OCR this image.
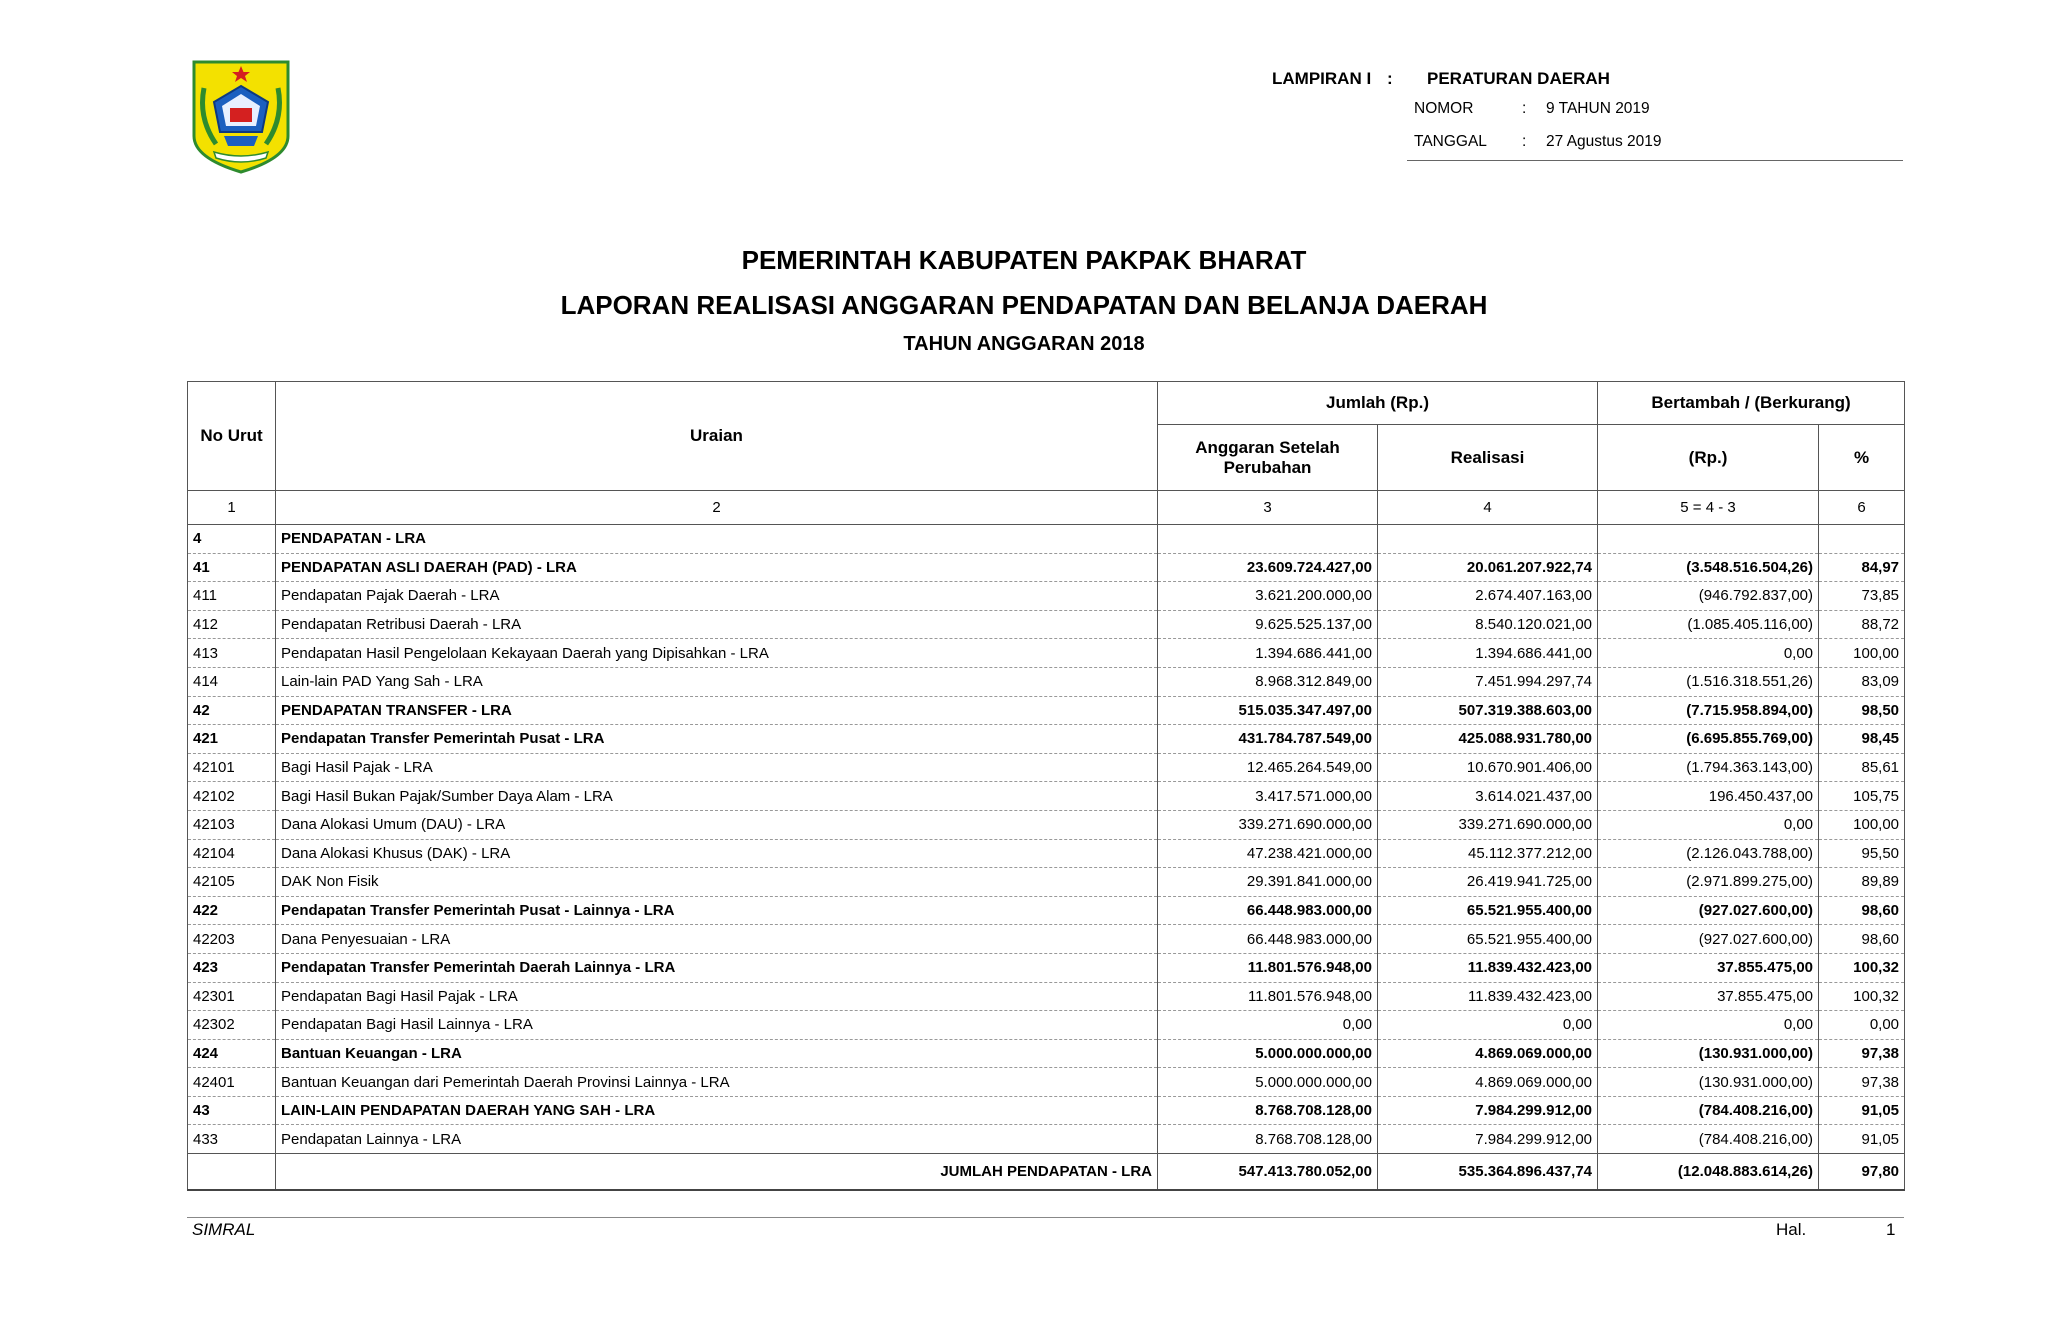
LAMPIRAN I :	PERATURAN DAERAH
NOMOR	:	9 TAHUN 2019
TANGGAL	:	27 Agustus 2019
PEMERINTAH KABUPATEN PAKPAK BHARAT
LAPORAN REALISASI ANGGARAN PENDAPATAN DAN BELANJA DAERAH
TAHUN ANGGARAN 2018
No Urut	Uraian	Jumlah (Rp.)		Bertambah / (Berkurang)	
		Anggaran Setelah Perubahan	Realisasi	(Rp.)	%
1	2	3	4	5 = 4 - 3	6
4	PENDAPATAN - LRA				
41	PENDAPATAN ASLI DAERAH (PAD) - LRA	23.609.724.427,00	20.061.207.922,74	(3.548.516.504,26)	84,97
411	Pendapatan Pajak Daerah - LRA	3.621.200.000,00	2.674.407.163,00	(946.792.837,00)	73,85
412	Pendapatan Retribusi Daerah - LRA	9.625.525.137,00	8.540.120.021,00	(1.085.405.116,00)	88,72
413	Pendapatan Hasil Pengelolaan Kekayaan Daerah yang Dipisahkan - LRA	1.394.686.441,00	1.394.686.441,00	0,00	100,00
414	Lain-lain PAD Yang Sah - LRA	8.968.312.849,00	7.451.994.297,74	(1.516.318.551,26)	83,09
42	PENDAPATAN TRANSFER - LRA	515.035.347.497,00	507.319.388.603,00	(7.715.958.894,00)	98,50
421	Pendapatan Transfer Pemerintah Pusat - LRA	431.784.787.549,00	425.088.931.780,00	(6.695.855.769,00)	98,45
42101	Bagi Hasil Pajak - LRA	12.465.264.549,00	10.670.901.406,00	(1.794.363.143,00)	85,61
42102	Bagi Hasil Bukan Pajak/Sumber Daya Alam - LRA	3.417.571.000,00	3.614.021.437,00	196.450.437,00	105,75
42103	Dana Alokasi Umum (DAU) - LRA	339.271.690.000,00	339.271.690.000,00	0,00	100,00
42104	Dana Alokasi Khusus (DAK) - LRA	47.238.421.000,00	45.112.377.212,00	(2.126.043.788,00)	95,50
42105	DAK Non Fisik	29.391.841.000,00	26.419.941.725,00	(2.971.899.275,00)	89,89
422	Pendapatan Transfer Pemerintah Pusat - Lainnya - LRA	66.448.983.000,00	65.521.955.400,00	(927.027.600,00)	98,60
42203	Dana Penyesuaian - LRA	66.448.983.000,00	65.521.955.400,00	(927.027.600,00)	98,60
423	Pendapatan Transfer Pemerintah Daerah Lainnya - LRA	11.801.576.948,00	11.839.432.423,00	37.855.475,00	100,32
42301	Pendapatan Bagi Hasil Pajak - LRA	11.801.576.948,00	11.839.432.423,00	37.855.475,00	100,32
42302	Pendapatan Bagi Hasil Lainnya - LRA	0,00	0,00	0,00	0,00
424	Bantuan Keuangan - LRA	5.000.000.000,00	4.869.069.000,00	(130.931.000,00)	97,38
42401	Bantuan Keuangan dari Pemerintah Daerah Provinsi Lainnya - LRA	5.000.000.000,00	4.869.069.000,00	(130.931.000,00)	97,38
43	LAIN-LAIN PENDAPATAN DAERAH YANG SAH - LRA	8.768.708.128,00	7.984.299.912,00	(784.408.216,00)	91,05
433	Pendapatan Lainnya - LRA	8.768.708.128,00	7.984.299.912,00	(784.408.216,00)	91,05
	JUMLAH PENDAPATAN - LRA	547.413.780.052,00	535.364.896.437,74	(12.048.883.614,26)	97,80
SIMRAL	Hal.	1
